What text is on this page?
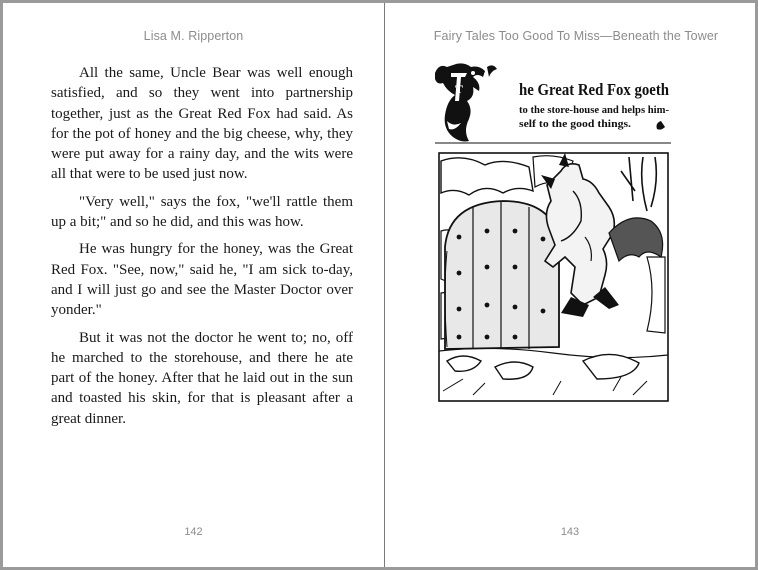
Lisa M. Ripperton

All the same, Uncle Bear was well enough satisfied, and so they went into partnership together, just as the Great Red Fox had said. As for the pot of honey and the big cheese, why, they were put away for a rainy day, and the wits were all that were to be used just now.

"Very well," says the fox, "we'll rattle them up a bit;" and so he did, and this was how.

He was hungry for the honey, was the Great Red Fox. "See, now," said he, "I am sick to-day, and I will just go and see the Master Doctor over yonder."

But it was not the doctor he went to; no, off he marched to the storehouse, and there he ate part of the honey. After that he laid out in the sun and toasted his skin, for that is pleasant after a great dinner.

142
Fairy Tales Too Good To Miss—Beneath the Tower
T	he Great Red Fox goeth
to the store-house and helps him-
self to the good things.
143
